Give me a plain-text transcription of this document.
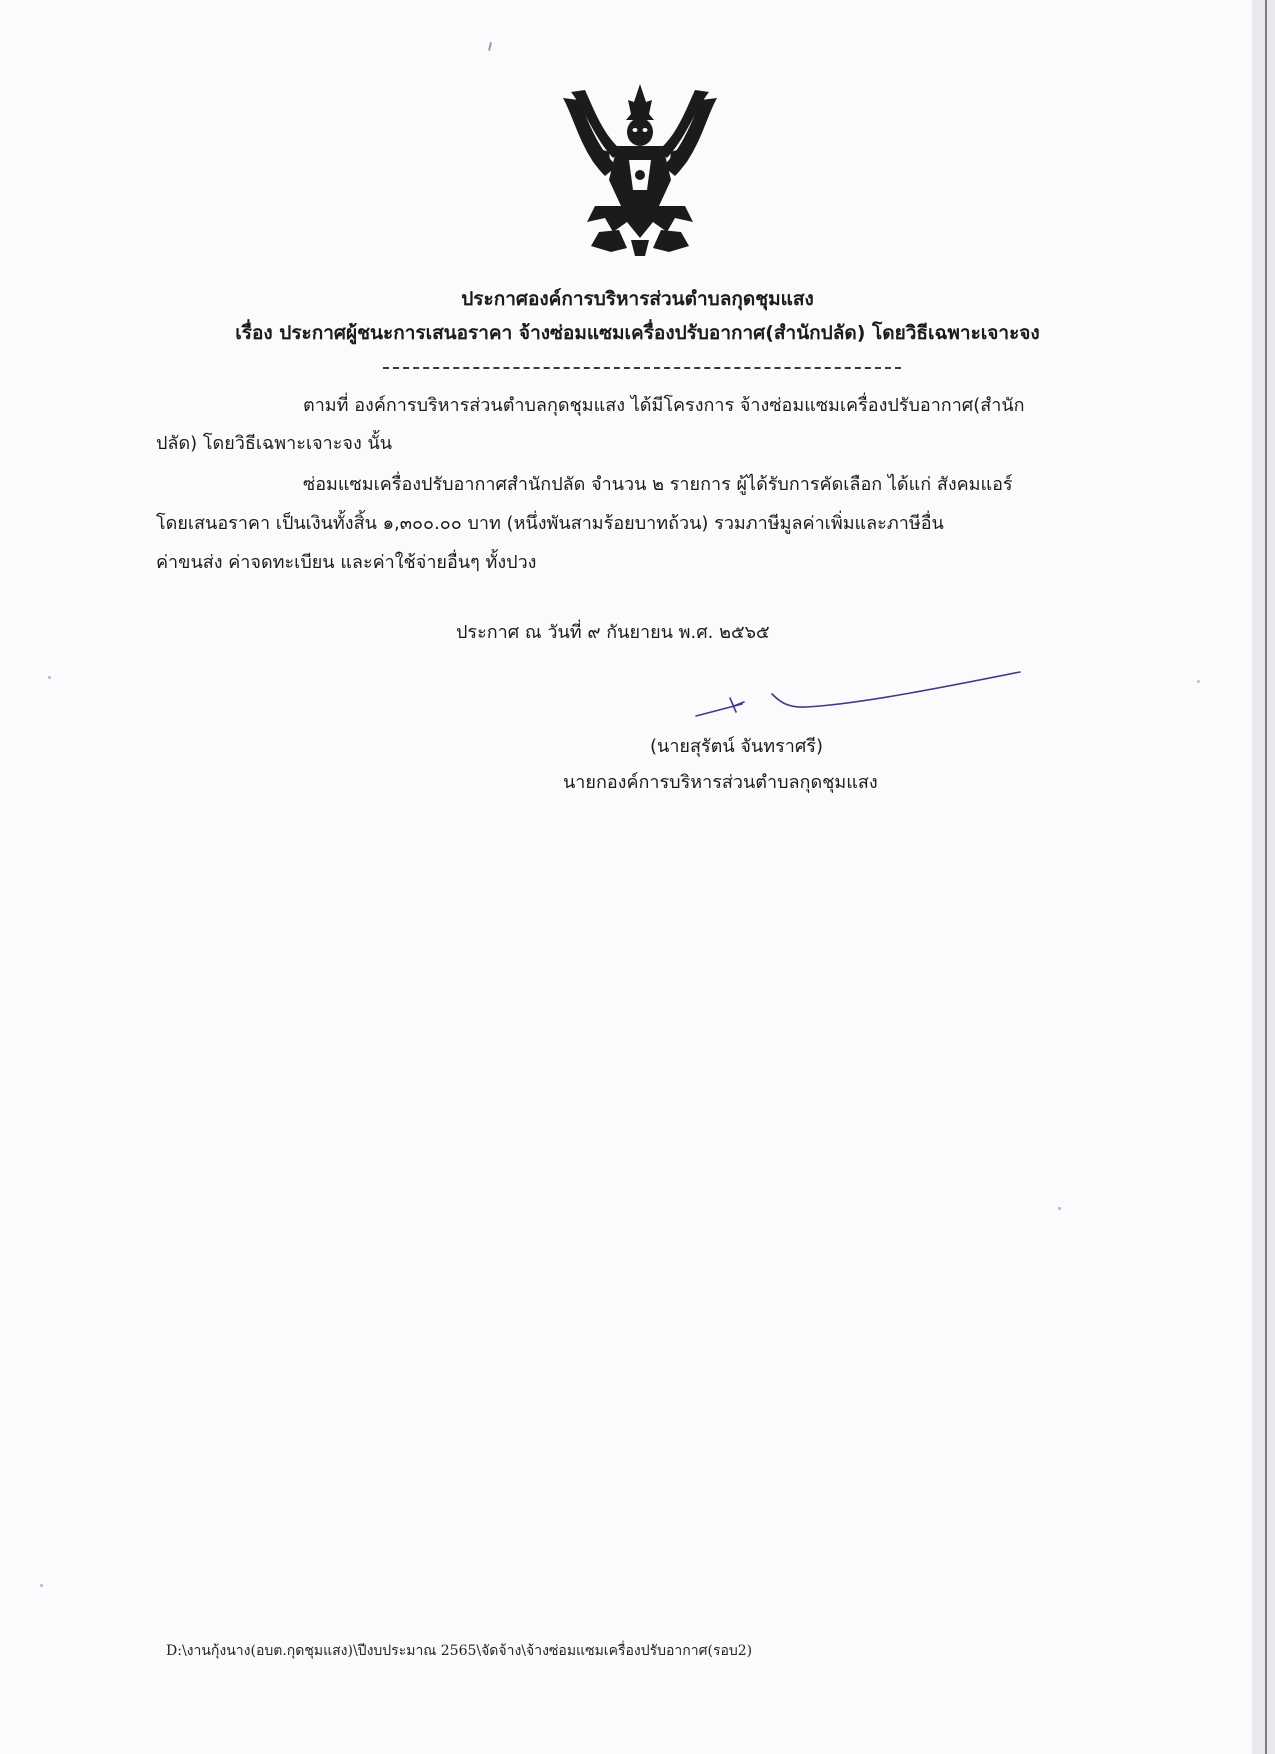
ประกาศองค์การบริหารส่วนตำบลกุดชุมแสง
เรื่อง ประกาศผู้ชนะการเสนอราคา จ้างซ่อมแซมเครื่องปรับอากาศ(สำนักปลัด) โดยวิธีเฉพาะเจาะจง
ตามที่ องค์การบริหารส่วนตำบลกุดชุมแสง ได้มีโครงการ จ้างซ่อมแซมเครื่องปรับอากาศ(สำนัก
ปลัด) โดยวิธีเฉพาะเจาะจง นั้น
ซ่อมแซมเครื่องปรับอากาศสำนักปลัด จำนวน ๒ รายการ ผู้ได้รับการคัดเลือก ได้แก่ สังคมแอร์
โดยเสนอราคา เป็นเงินทั้งสิ้น ๑,๓๐๐.๐๐ บาท (หนึ่งพันสามร้อยบาทถ้วน) รวมภาษีมูลค่าเพิ่มและภาษีอื่น
ค่าขนส่ง ค่าจดทะเบียน และค่าใช้จ่ายอื่นๆ ทั้งปวง
ประกาศ ณ วันที่ ๙ กันยายน พ.ศ. ๒๕๖๕
(นายสุรัตน์ จันทราศรี)
นายกองค์การบริหารส่วนตำบลกุดชุมแสง
D:\งานกุ้งนาง(อบต.กุดชุมแสง)\ปีงบประมาณ 2565\จัดจ้าง\จ้างซ่อมแซมเครื่องปรับอากาศ(รอบ2)
